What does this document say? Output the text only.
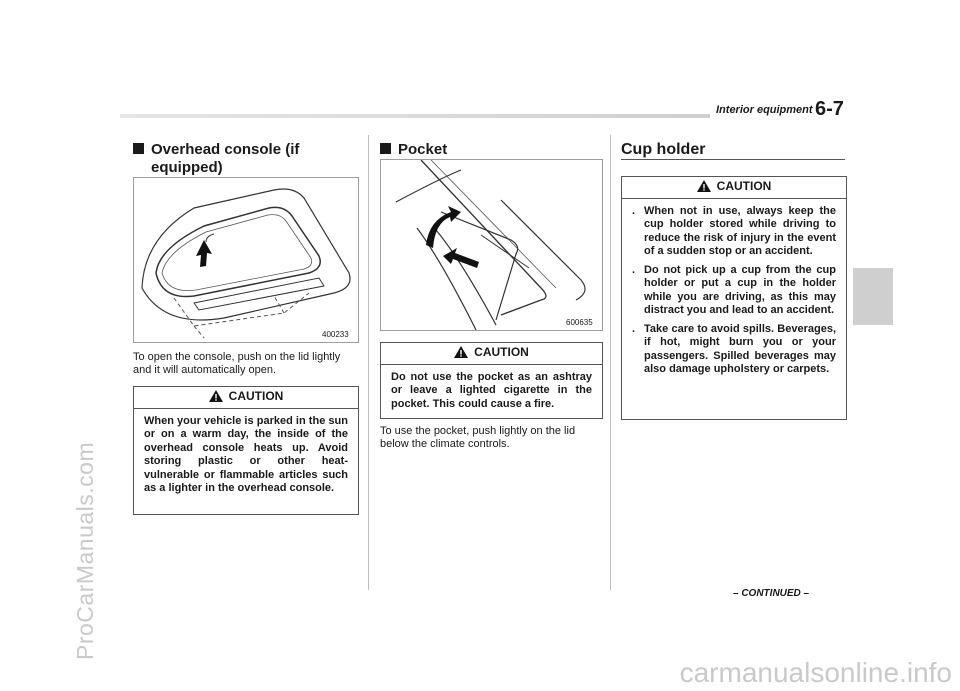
ProCarManuals.com
carmanualsonline.info
Interior equipment 6-7
Overhead console (if
equipped)
400233
To open the console, push on the lid lightly and it will automatically open.
CAUTION
When your vehicle is parked in the sun or on a warm day, the inside of the overhead console heats up. Avoid storing plastic or other heat-vulnerable or flammable articles such as a lighter in the overhead console.
Pocket
600635
CAUTION
Do not use the pocket as an ashtray or leave a lighted cigarette in the pocket. This could cause a fire.
To use the pocket, push lightly on the lid below the climate controls.
Cup holder
CAUTION
. When not in use, always keep the cup holder stored while driving to reduce the risk of injury in the event of a sudden stop or an accident.
. Do not pick up a cup from the cup holder or put a cup in the holder while you are driving, as this may distract you and lead to an accident.
. Take care to avoid spills. Beverages, if hot, might burn you or your passengers. Spilled beverages may also damage upholstery or carpets.
– CONTINUED –
